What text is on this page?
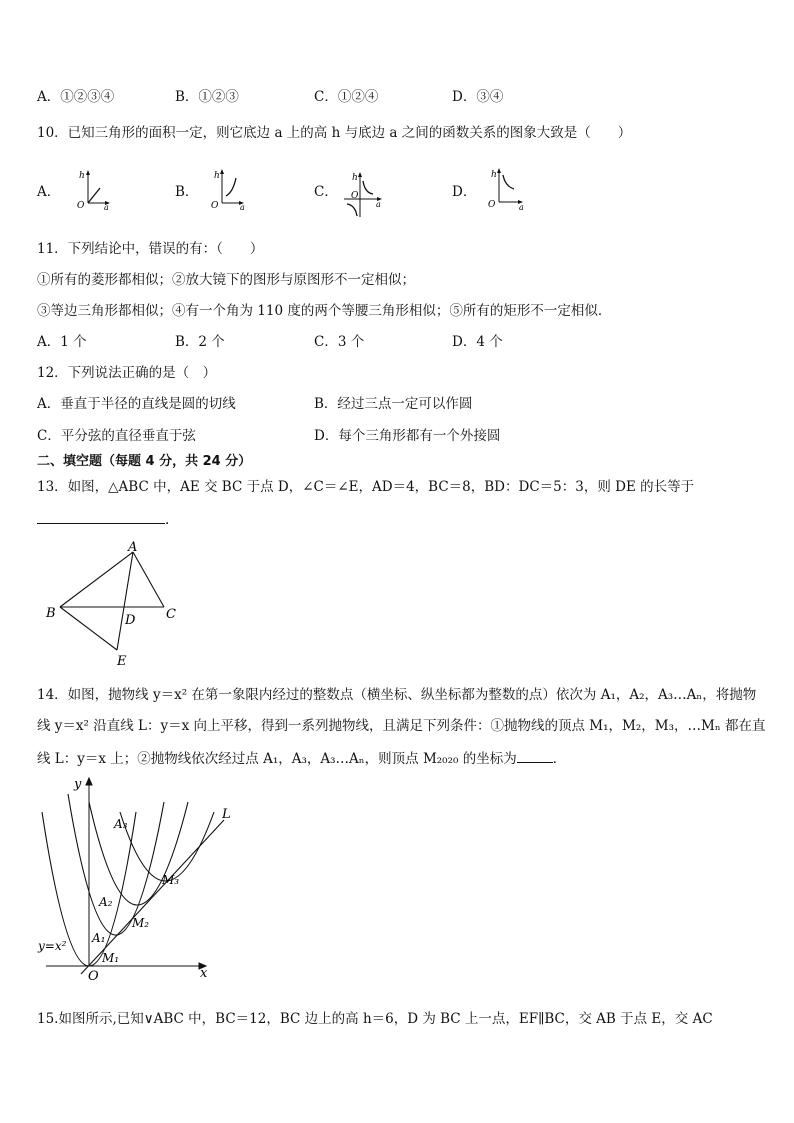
A．①②③④	B．①②③	C．①②④	D．③④
10．已知三角形的面积一定，则它底边 a 上的高 h 与底边 a 之间的函数关系的图象大致是（　　）
A．
h
O a
B．
h
O	a
C．
h
O
a
D．
h
O	a
11．下列结论中，错误的有：（　　）
①所有的菱形都相似；②放大镜下的图形与原图形不一定相似；
③等边三角形都相似；④有一个角为 110 度的两个等腰三角形相似；⑤所有的矩形不一定相似．
A．1 个	B．2 个	C．3 个	D．4 个
12．下列说法正确的是（　）
A．垂直于半径的直线是圆的切线	B．经过三点一定可以作圆
C．平分弦的直径垂直于弦	D．每个三角形都有一个外接圆
二、填空题（每题 4 分，共 24 分）
13．如图，△ABC 中，AE 交 BC 于点 D，∠C＝∠E，AD＝4，BC＝8，BD：DC＝5：3，则 DE 的长等于
.
A
B	C
D
E
14．如图，抛物线 y＝x² 在第一象限内经过的整数点（横坐标、纵坐标都为整数的点）依次为 A₁，A₂，A₃…Aₙ，将抛物
线 y＝x² 沿直线 L：y＝x 向上平移，得到一系列抛物线，且满足下列条件：①抛物线的顶点 M₁，M₂，M₃，…Mₙ 都在直
线 L：y＝x 上；②抛物线依次经过点 A₁，A₃，A₃…Aₙ，则顶点 M₂₀₂₀ 的坐标为	．
y
x
L
O
y=x²
A₁
A₂
A₃
M₁
M₂
M₃
15.如图所示,已知∨ABC 中，BC＝12，BC 边上的高 h＝6，D 为 BC 上一点，EF∥BC，交 AB 于点 E，交 AC
